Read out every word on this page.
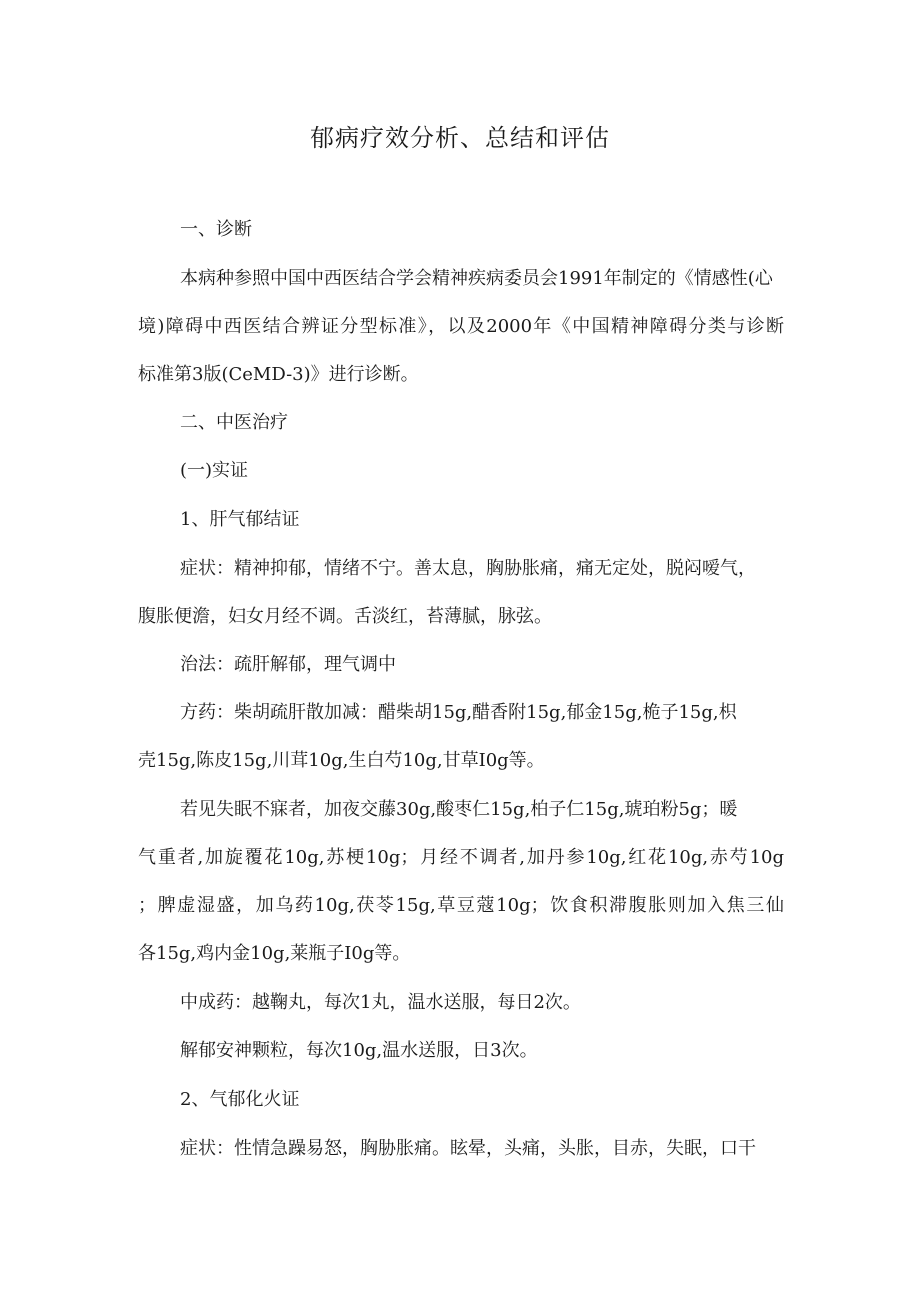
郁病疗效分析、总结和评估

一、诊断

本病种参照中国中西医结合学会精神疾病委员会1991年制定的《情感性(心

境)障碍中西医结合辨证分型标准》，以及2000年《中国精神障碍分类与诊断

标准第3版(CeMD-3)》进行诊断。

二、中医治疗

(一)实证

1、肝气郁结证

症状：精神抑郁，情绪不宁。善太息，胸胁胀痛，痛无定处，脱闷嗳气，

腹胀便澹，妇女月经不调。舌淡红，苔薄腻，脉弦。

治法：疏肝解郁，理气调中

方药：柴胡疏肝散加减：醋柴胡15g,醋香附15g,郁金15g,桅子15g,枳

壳15g,陈皮15g,川茸10g,生白芍10g,甘草I0g等。

若见失眠不寐者，加夜交藤30g,酸枣仁15g,柏子仁15g,琥珀粉5g；暖

气重者,加旋覆花10g,苏梗10g；月经不调者,加丹参10g,红花10g,赤芍10g

；脾虚湿盛，加乌药10g,茯苓15g,草豆蔻10g；饮食积滞腹胀则加入焦三仙

各15g,鸡内金10g,莱瓶子I0g等。

中成药：越鞠丸，每次1丸，温水送服，每日2次。

解郁安神颗粒，每次10g,温水送服，日3次。

2、气郁化火证

症状：性情急躁易怒，胸胁胀痛。眩晕，头痛，头胀，目赤，失眠，口干
